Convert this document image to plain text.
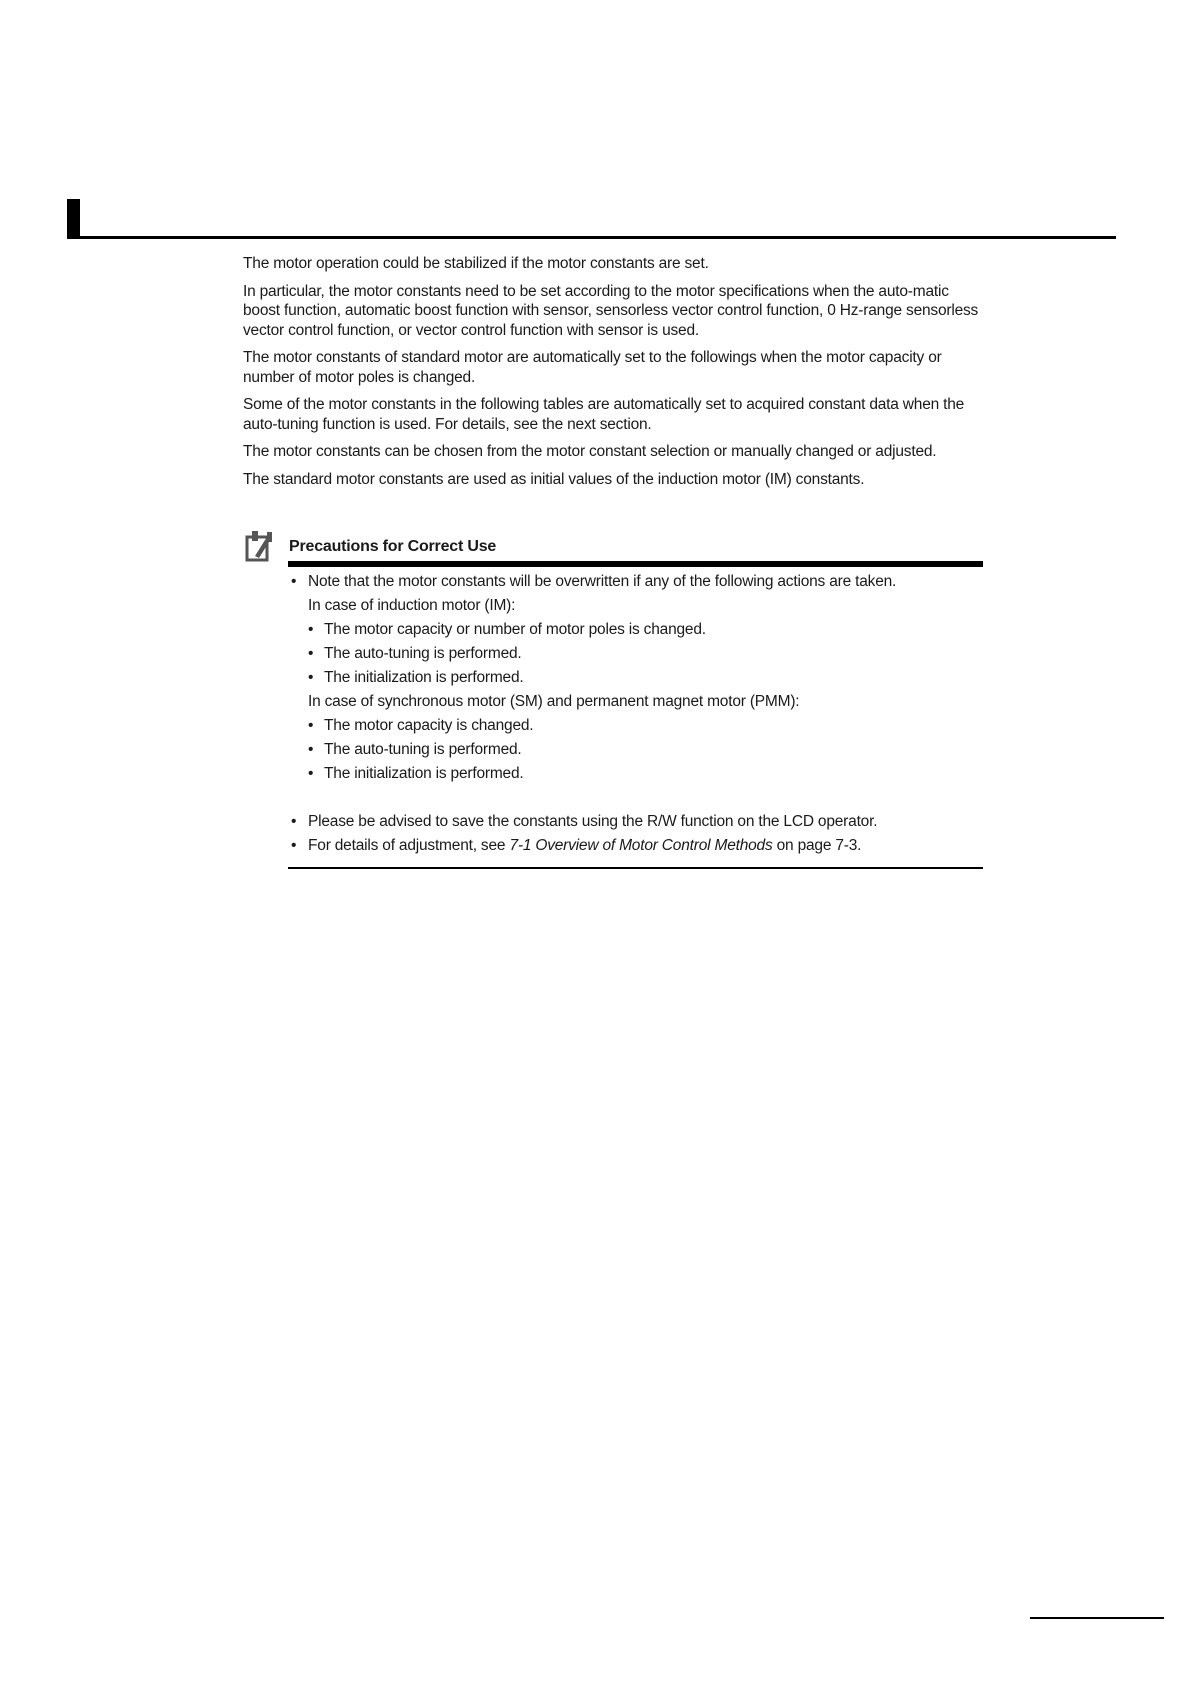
The motor operation could be stabilized if the motor constants are set.

In particular, the motor constants need to be set according to the motor specifications when the auto-matic boost function, automatic boost function with sensor, sensorless vector control function, 0 Hz-range sensorless vector control function, or vector control function with sensor is used.

The motor constants of standard motor are automatically set to the followings when the motor capacity or number of motor poles is changed.

Some of the motor constants in the following tables are automatically set to acquired constant data when the auto-tuning function is used. For details, see the next section.

The motor constants can be chosen from the motor constant selection or manually changed or adjusted.

The standard motor constants are used as initial values of the induction motor (IM) constants.

Precautions for Correct Use
• Note that the motor constants will be overwritten if any of the following actions are taken.
In case of induction motor (IM):
• The motor capacity or number of motor poles is changed.
• The auto-tuning is performed.
• The initialization is performed.
In case of synchronous motor (SM) and permanent magnet motor (PMM):
• The motor capacity is changed.
• The auto-tuning is performed.
• The initialization is performed.
• Please be advised to save the constants using the R/W function on the LCD operator.
• For details of adjustment, see 7-1 Overview of Motor Control Methods on page 7-3.
